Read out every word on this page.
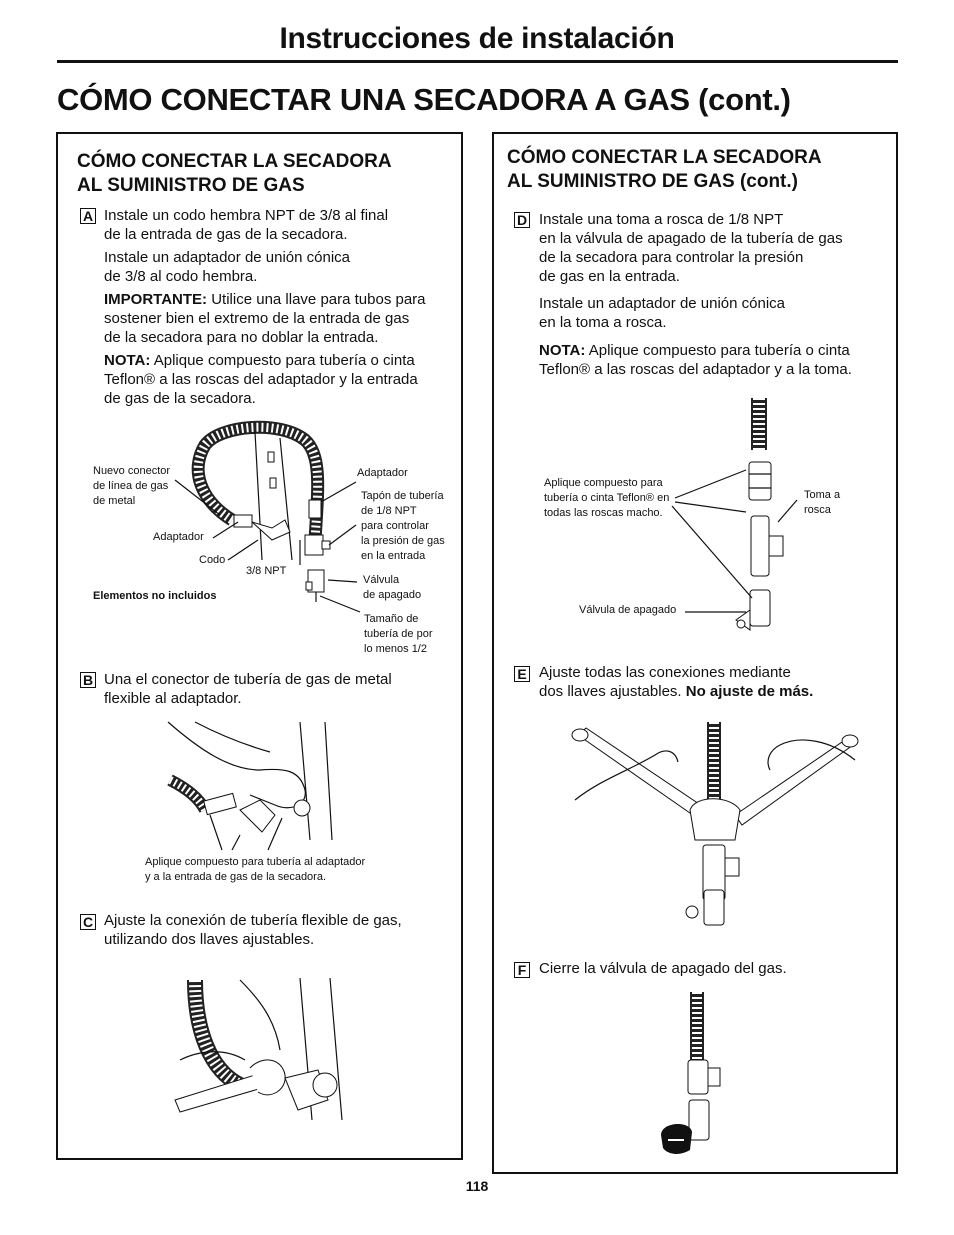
Instrucciones de instalación
CÓMO CONECTAR UNA SECADORA A GAS (cont.)
CÓMO CONECTAR LA SECADORA
AL SUMINISTRO DE GAS
A Instale un codo hembra NPT de 3/8 al final
de la entrada de gas de la secadora.
Instale un adaptador de unión cónica
de 3/8 al codo hembra.
IMPORTANTE: Utilice una llave para tubos para
sostener bien el extremo de la entrada de gas
de la secadora para no doblar la entrada.
NOTA: Aplique compuesto para tubería o cinta
Teflon® a las roscas del adaptador y la entrada
de gas de la secadora.
Nuevo conector
de línea de gas
de metal
Adaptador
Codo
3/8 NPT
Elementos no incluidos
Adaptador
Tapón de tubería
de 1/8 NPT
para controlar
la presión de gas
en la entrada
Válvula
de apagado
Tamaño de
tubería de por
lo menos 1/2
B Una el conector de tubería de gas de metal
flexible al adaptador.
Aplique compuesto para tubería al adaptador
y a la entrada de gas de la secadora.
C Ajuste la conexión de tubería flexible de gas,
utilizando dos llaves ajustables.
CÓMO CONECTAR LA SECADORA
AL SUMINISTRO DE GAS (cont.)
D Instale una toma a rosca de 1/8 NPT
en la válvula de apagado de la tubería de gas
de la secadora para controlar la presión
de gas en la entrada.
Instale un adaptador de unión cónica
en la toma a rosca.
NOTA: Aplique compuesto para tubería o cinta
Teflon® a las roscas del adaptador y a la toma.
Aplique compuesto para
tubería o cinta Teflon® en
todas las roscas macho.
Toma a
rosca
Válvula de apagado
E Ajuste todas las conexiones mediante
dos llaves ajustables. No ajuste de más.
F Cierre la válvula de apagado del gas.
118
